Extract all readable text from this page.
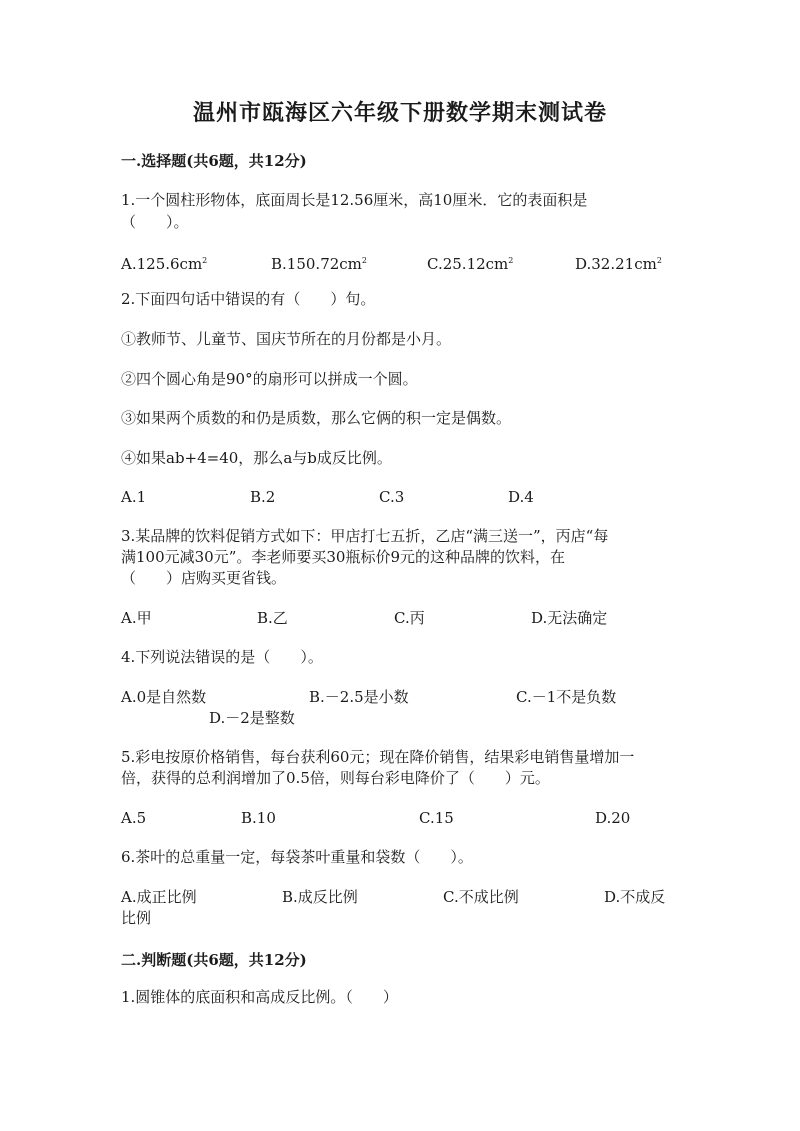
温州市瓯海区六年级下册数学期末测试卷
一.选择题(共6题，共12分)
1.一个圆柱形物体，底面周长是12.56厘米，高10厘米．它的表面积是
（　　）。
$A.125.6cm^2$	$B.150.72cm^2$	$C.25.12cm^2$	$D.32.21cm^2$
2.下面四句话中错误的有（　　）句。
①教师节、儿童节、国庆节所在的月份都是小月。
②四个圆心角是90°的扇形可以拼成一个圆。
③如果两个质数的和仍是质数，那么它俩的积一定是偶数。
④如果ab+4=40，那么a与b成反比例。
A.1	B.2	C.3	D.4
3.某品牌的饮料促销方式如下：甲店打七五折，乙店“满三送一”，丙店“每
满100元减30元”。李老师要买30瓶标价9元的这种品牌的饮料，在
（　　）店购买更省钱。
A.甲	B.乙	C.丙	D.无法确定
4.下列说法错误的是（　　）。
A.0是自然数	B.－2.5是小数	C.－1不是负数
D.－2是整数
5.彩电按原价格销售，每台获利60元；现在降价销售，结果彩电销售量增加一
倍，获得的总利润增加了0.5倍，则每台彩电降价了（　　）元。
A.5	B.10	C.15	D.20
6.茶叶的总重量一定，每袋茶叶重量和袋数（　　）。
A.成正比例	B.成反比例	C.不成比例	D.不成反
比例
二.判断题(共6题，共12分)
1.圆锥体的底面积和高成反比例。（　　）
